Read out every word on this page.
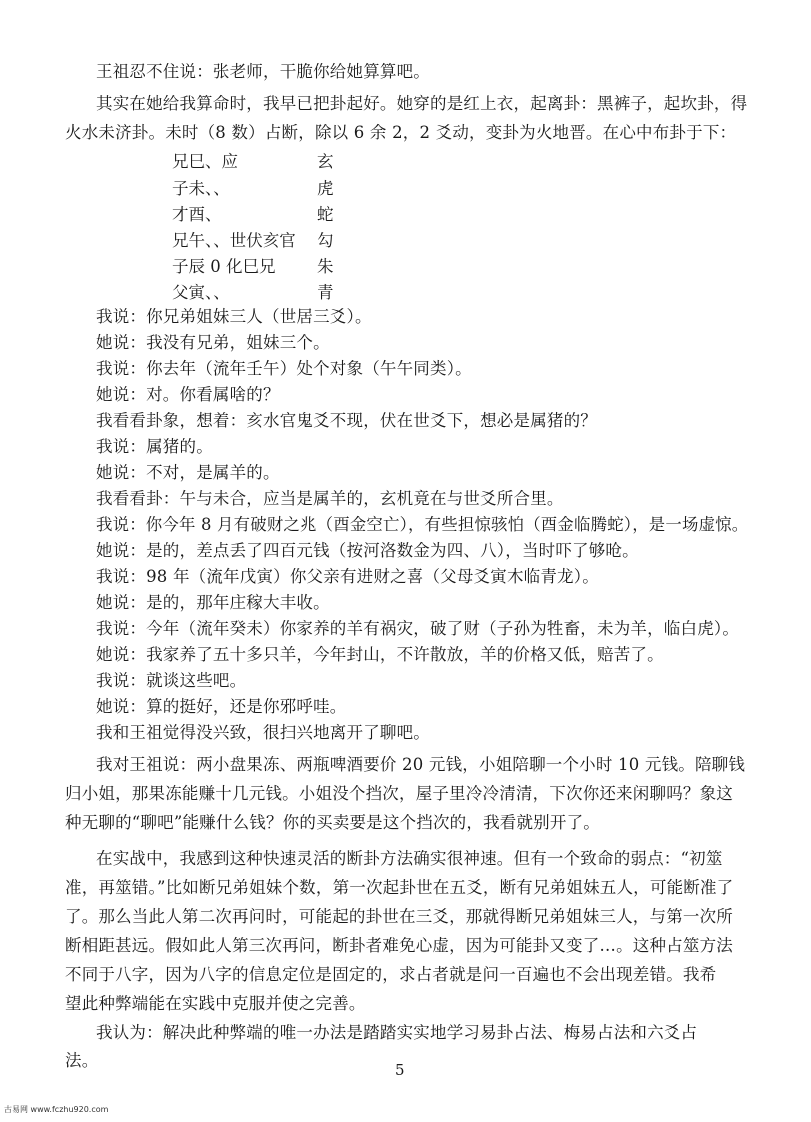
王祖忍不住说：张老师，干脆你给她算算吧。
其实在她给我算命时，我早已把卦起好。她穿的是红上衣，起离卦：黑裤子，起坎卦，得
火水未济卦。未时（8 数）占断，除以 6 余 2，2 爻动，变卦为火地晋。在心中布卦于下：
兄巳、应	玄
子未、、	虎
才酉、	蛇
兄午、、世伏亥官 勾
子辰 0 化巳兄	朱
父寅、、	青
我说：你兄弟姐妹三人（世居三爻）。
她说：我没有兄弟，姐妹三个。
我说：你去年（流年壬午）处个对象（午午同类）。
她说：对。你看属啥的？
我看看卦象，想着：亥水官鬼爻不现，伏在世爻下，想必是属猪的？
我说：属猪的。
她说：不对，是属羊的。
我看看卦：午与未合，应当是属羊的，玄机竟在与世爻所合里。
我说：你今年 8 月有破财之兆（酉金空亡），有些担惊骇怕（酉金临腾蛇），是一场虚惊。
她说：是的，差点丢了四百元钱（按河洛数金为四、八），当时吓了够呛。
我说：98 年（流年戊寅）你父亲有进财之喜（父母爻寅木临青龙）。
她说：是的，那年庄稼大丰收。
我说：今年（流年癸未）你家养的羊有祸灾，破了财（子孙为牲畜，未为羊，临白虎）。
她说：我家养了五十多只羊，今年封山，不许散放，羊的价格又低，赔苦了。
我说：就谈这些吧。
她说：算的挺好，还是你邪呼哇。
我和王祖觉得没兴致，很扫兴地离开了聊吧。
我对王祖说：两小盘果冻、两瓶啤酒要价 20 元钱，小姐陪聊一个小时 10 元钱。陪聊钱
归小姐，那果冻能赚十几元钱。小姐没个挡次，屋子里冷冷清清，下次你还来闲聊吗？象这
种无聊的“聊吧”能赚什么钱？你的买卖要是这个挡次的，我看就别开了。
在实战中，我感到这种快速灵活的断卦方法确实很神速。但有一个致命的弱点：“初筮
准，再筮错。”比如断兄弟姐妹个数，第一次起卦世在五爻，断有兄弟姐妹五人，可能断准了
了。那么当此人第二次再问时，可能起的卦世在三爻，那就得断兄弟姐妹三人，与第一次所
断相距甚远。假如此人第三次再问，断卦者难免心虚，因为可能卦又变了…。这种占筮方法
不同于八字，因为八字的信息定位是固定的，求占者就是问一百遍也不会出现差错。我希
望此种弊端能在实践中克服并使之完善。
我认为：解决此种弊端的唯一办法是踏踏实实地学习易卦占法、梅易占法和六爻占
法。	5
古易网 www.fczhu920.com
